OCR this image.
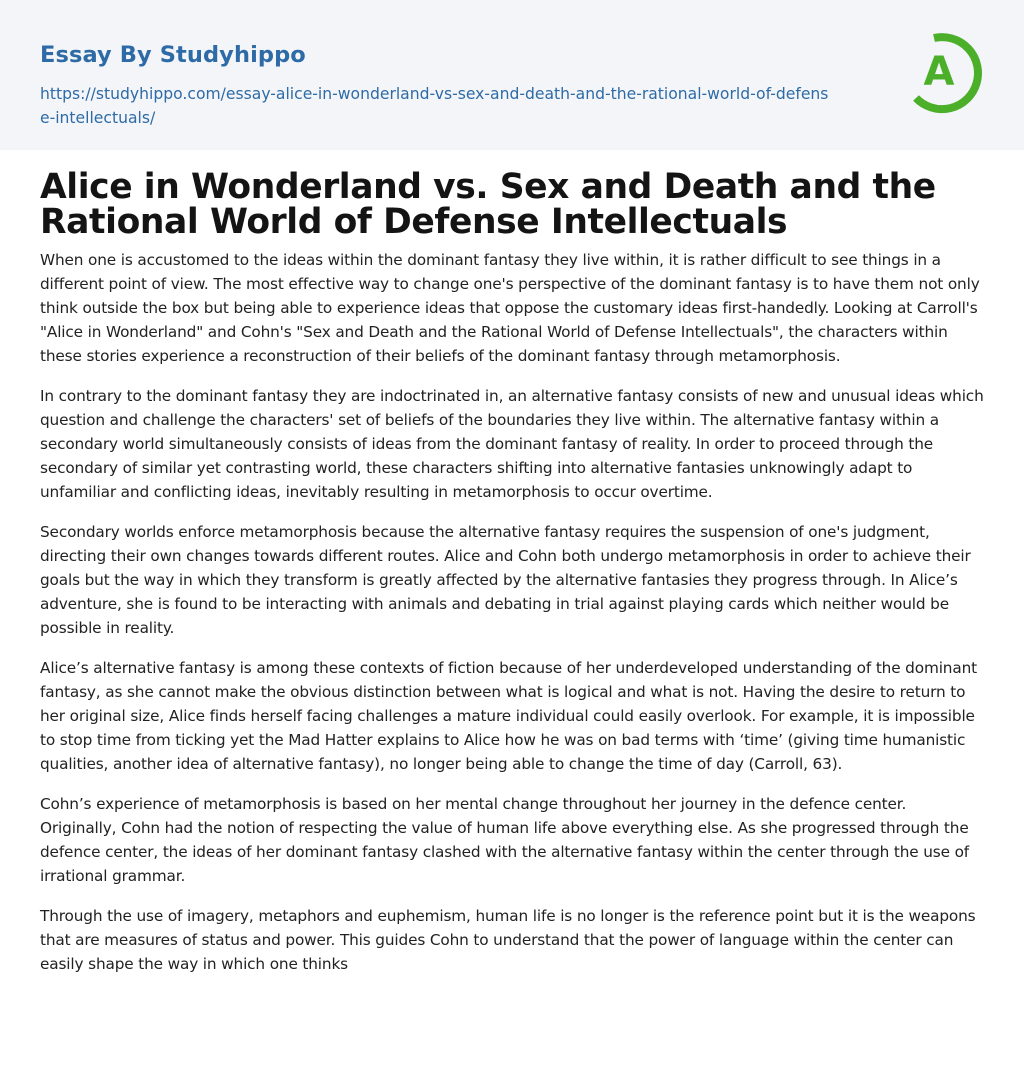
Essay By Studyhippo
https://studyhippo.com/essay-alice-in-wonderland-vs-sex-and-death-and-the-rational-world-of-defense-intellectuals/
A
Alice in Wonderland vs. Sex and Death and the Rational World of Defense Intellectuals

When one is accustomed to the ideas within the dominant fantasy they live within, it is rather difficult to see things in a different point of view. The most effective way to change one's perspective of the dominant fantasy is to have them not only think outside the box but being able to experience ideas that oppose the customary ideas first-handedly. Looking at Carroll's "Alice in Wonderland" and Cohn's "Sex and Death and the Rational World of Defense Intellectuals", the characters within these stories experience a reconstruction of their beliefs of the dominant fantasy through metamorphosis.

In contrary to the dominant fantasy they are indoctrinated in, an alternative fantasy consists of new and unusual ideas which question and challenge the characters' set of beliefs of the boundaries they live within. The alternative fantasy within a secondary world simultaneously consists of ideas from the dominant fantasy of reality. In order to proceed through the secondary of similar yet contrasting world, these characters shifting into alternative fantasies unknowingly adapt to unfamiliar and conflicting ideas, inevitably resulting in metamorphosis to occur overtime.

Secondary worlds enforce metamorphosis because the alternative fantasy requires the suspension of one's judgment, directing their own changes towards different routes. Alice and Cohn both undergo metamorphosis in order to achieve their goals but the way in which they transform is greatly affected by the alternative fantasies they progress through. In Alice’s adventure, she is found to be interacting with animals and debating in trial against playing cards which neither would be possible in reality.

Alice’s alternative fantasy is among these contexts of fiction because of her underdeveloped understanding of the dominant fantasy, as she cannot make the obvious distinction between what is logical and what is not. Having the desire to return to her original size, Alice finds herself facing challenges a mature individual could easily overlook. For example, it is impossible to stop time from ticking yet the Mad Hatter explains to Alice how he was on bad terms with ‘time’ (giving time humanistic qualities, another idea of alternative fantasy), no longer being able to change the time of day (Carroll, 63).

Cohn’s experience of metamorphosis is based on her mental change throughout her journey in the defence center. Originally, Cohn had the notion of respecting the value of human life above everything else. As she progressed through the defence center, the ideas of her dominant fantasy clashed with the alternative fantasy within the center through the use of irrational grammar.

Through the use of imagery, metaphors and euphemism, human life is no longer is the reference point but it is the weapons that are measures of status and power. This guides Cohn to understand that the power of language within the center can easily shape the way in which one thinks
